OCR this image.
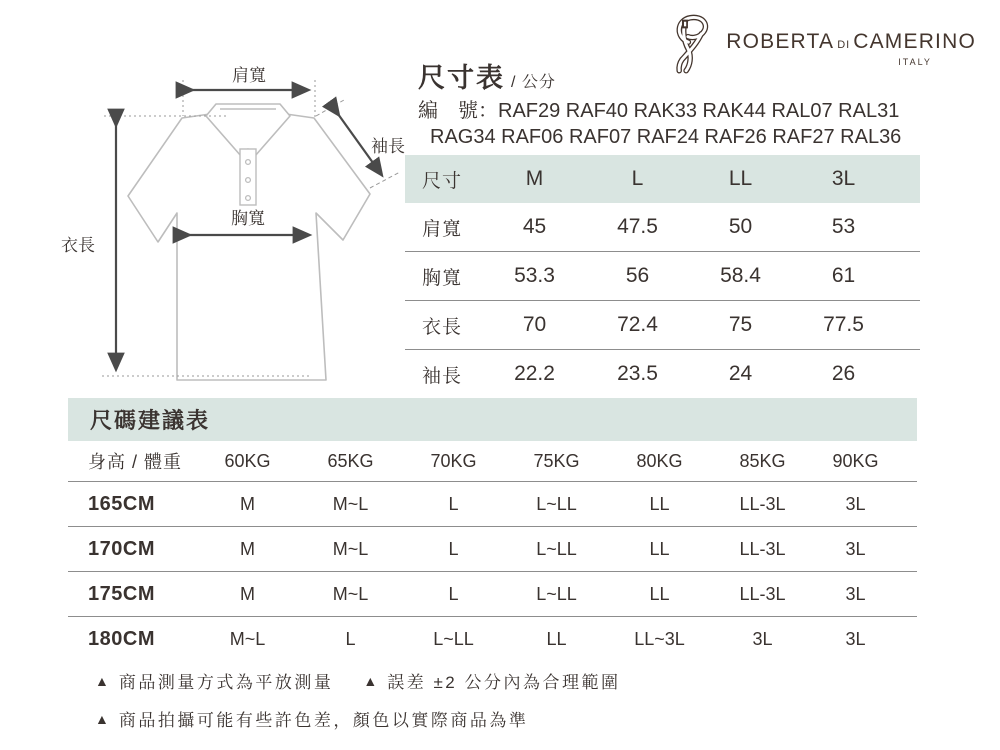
ROBERTA DI CAMERINO
ITALY
肩寬
袖長
胸寬
衣長
尺寸表 / 公分
編　號：RAF29 RAF40 RAK33 RAK44 RAL07 RAL31
RAG34 RAF06 RAF07 RAF24 RAF26 RAF27 RAL36
尺寸	M	L	LL	3L
肩寬	45	47.5	50	53
胸寬	53.3	56	58.4	61
衣長	70	72.4	75	77.5
袖長	22.2	23.5	24	26
尺碼建議表
身高 / 體重	60KG	65KG	70KG	75KG	80KG	85KG	90KG
165CM	M	M~L	L	L~LL	LL	LL-3L	3L
170CM	M	M~L	L	L~LL	LL	LL-3L	3L
175CM	M	M~L	L	L~LL	LL	LL-3L	3L
180CM	M~L	L	L~LL	LL	LL~3L	3L	3L
▲ 商品測量方式為平放測量 ▲ 誤差 ±2 公分內為合理範圍
▲ 商品拍攝可能有些許色差，顏色以實際商品為準
